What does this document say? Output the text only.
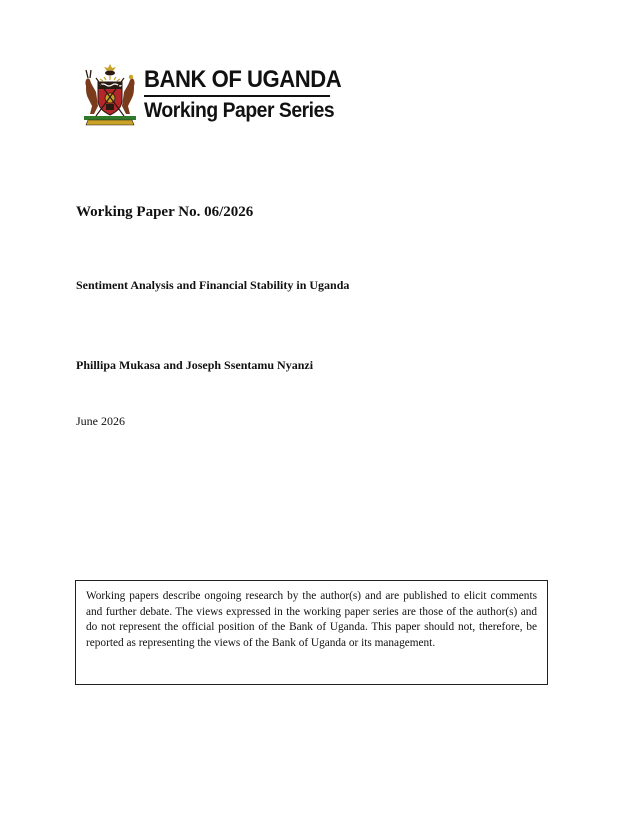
BANK OF UGANDA
Working Paper Series
Working Paper No. 06/2026
Sentiment Analysis and Financial Stability in Uganda
Phillipa Mukasa and Joseph Ssentamu Nyanzi
June 2026

Working papers describe ongoing research by the author(s) and are published to elicit comments and further debate. The views expressed in the working paper series are those of the author(s) and do not represent the official position of the Bank of Uganda. This paper should not, therefore, be reported as representing the views of the Bank of Uganda or its management.
